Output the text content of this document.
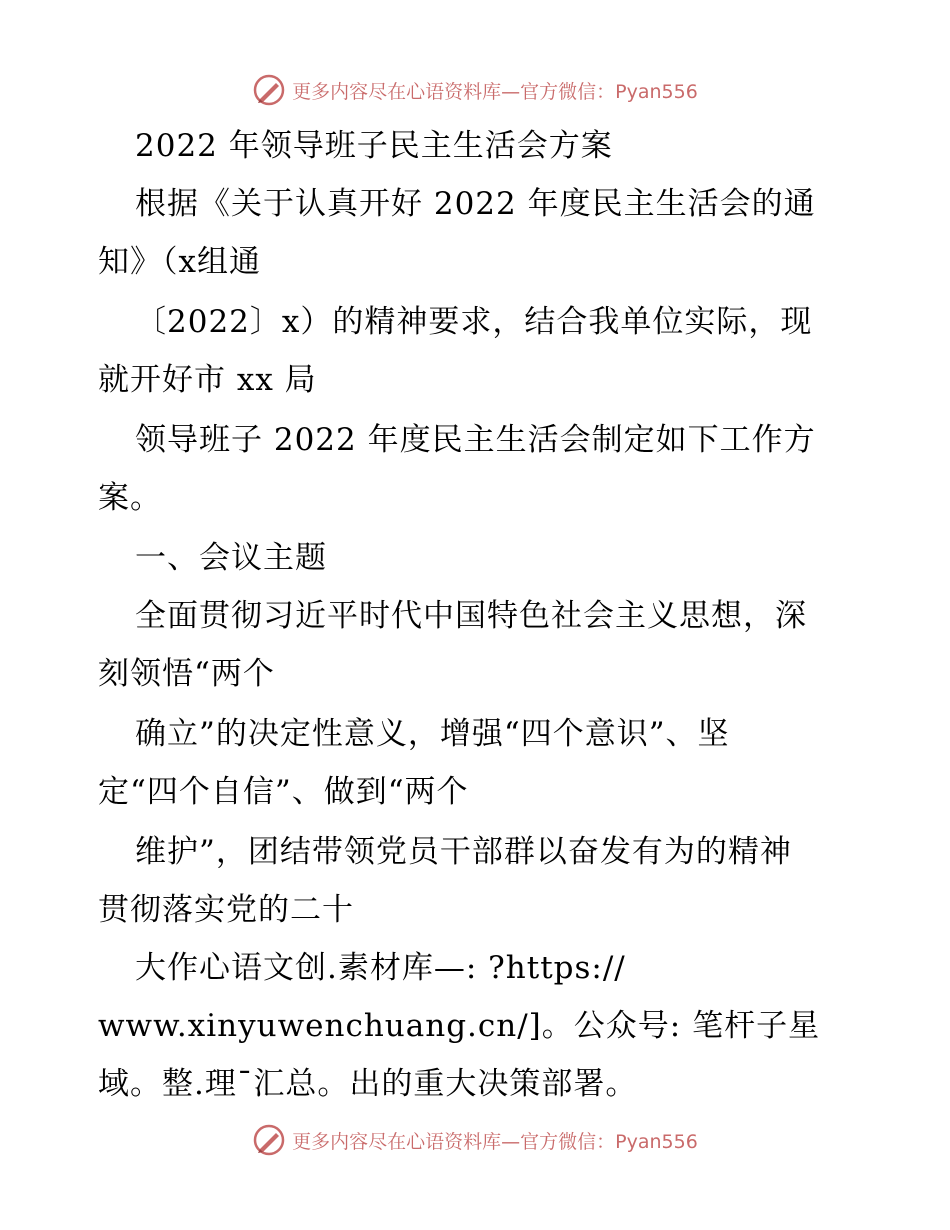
更多内容尽在心语资料库—官方微信：Pyan556
2022 年领导班子民主生活会方案
根据《关于认真开好 2022 年度民主生活会的通
知》（x组通
〔2022〕x）的精神要求，结合我单位实际，现
就开好市 xx 局
领导班子 2022 年度民主生活会制定如下工作方
案。
一、会议主题
全面贯彻习近平时代中国特色社会主义思想，深
刻领悟“两个
确立”的决定性意义，增强“四个意识”、坚
定“四个自信”、做到“两个
维护”，团结带领党员干部群以奋发有为的精神
贯彻落实党的二十
大作心语文创.素材库—: ?https://
www.xinyuwenchuang.cn/]。公众号: 笔杆子星
域。整.理¯汇总。出的重大决策部署。
更多内容尽在心语资料库—官方微信：Pyan556
